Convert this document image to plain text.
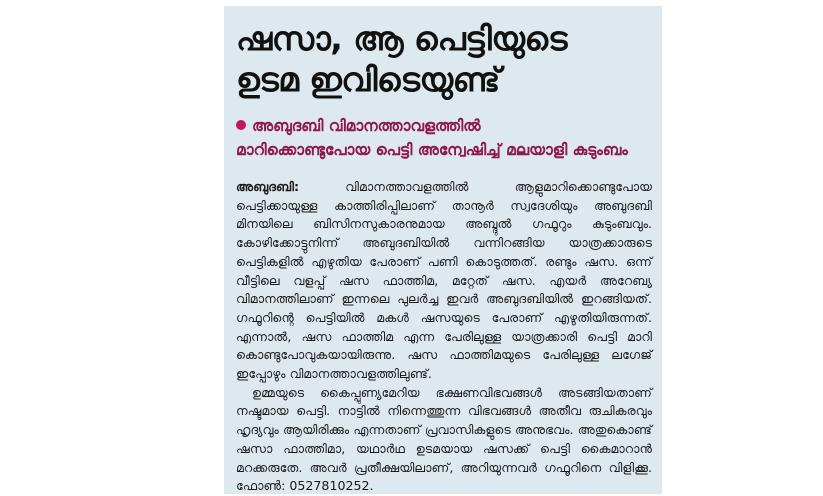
ഷസാ, ആ പെട്ടിയുടെ
ഉടമ ഇവിടെയുണ്ട്
അബുദബി വിമാനത്താവളത്തിൽ
മാറിക്കൊണ്ടുപോയ പെട്ടി അന്വേഷിച്ച് മലയാളി കുടുംബം

അബുദബി: വിമാനത്താവളത്തിൽ ആളുമാറിക്കൊണ്ടുപോയ പെട്ടിക്കായുള്ള കാത്തിരിപ്പിലാണ് താനൂർ സ്വദേശിയും അബുദബി മിനയിലെ ബിസിനസുകാരനുമായ അബ്ദുൽ ഗഫൂറും കുടുംബവും. കോഴിക്കോട്ടുനിന്ന് അബുദബിയിൽ വന്നിറങ്ങിയ യാത്രക്കാരുടെ പെട്ടികളിൽ എഴുതിയ പേരാണ് പണി കൊടുത്തത്. രണ്ടും ഷസ. ഒന്ന് വീട്ടിലെ വളപ്പ് ഷസ ഫാത്തിമ, മറ്റേത് ഷസ. എയർ അറേബ്യ വിമാനത്തിലാണ് ഇന്നലെ പുലർച്ച ഇവർ അബുദബിയിൽ ഇറങ്ങിയത്. ഗഫൂറിന്റെ പെട്ടിയിൽ മകൾ ഷസയുടെ പേരാണ് എഴുതിയിരുന്നത്. എന്നാൽ, ഷസ ഫാത്തിമ എന്ന പേരിലുള്ള യാത്രക്കാരി പെട്ടി മാറി കൊണ്ടുപോവുകയായിരുന്നു. ഷസ ഫാത്തിമയുടെ പേരിലുള്ള ലഗേജ് ഇപ്പോഴും വിമാനത്താവളത്തിലുണ്ട്.

ഉമ്മയുടെ കൈപ്പുണ്യമേറിയ ഭക്ഷണവിഭവങ്ങൾ അടങ്ങിയതാണ് നഷ്ടമായ പെട്ടി. നാട്ടിൽ നിന്നെത്തുന്ന വിഭവങ്ങൾ അതീവ രുചികരവും ഹൃദ്യവും ആയിരിക്കും എന്നതാണ് പ്രവാസികളുടെ അനുഭവം. അതുകൊണ്ട് ഷസാ ഫാത്തിമാ, യഥാർഥ ഉടമയായ ഷസക്ക് പെട്ടി കൈമാറാൻ മറക്കരുതേ. അവർ പ്രതീക്ഷയിലാണ്, അറിയുന്നവർ ഗഫൂറിനെ വിളിക്കൂ. ഫോൺ: 0527810252.
